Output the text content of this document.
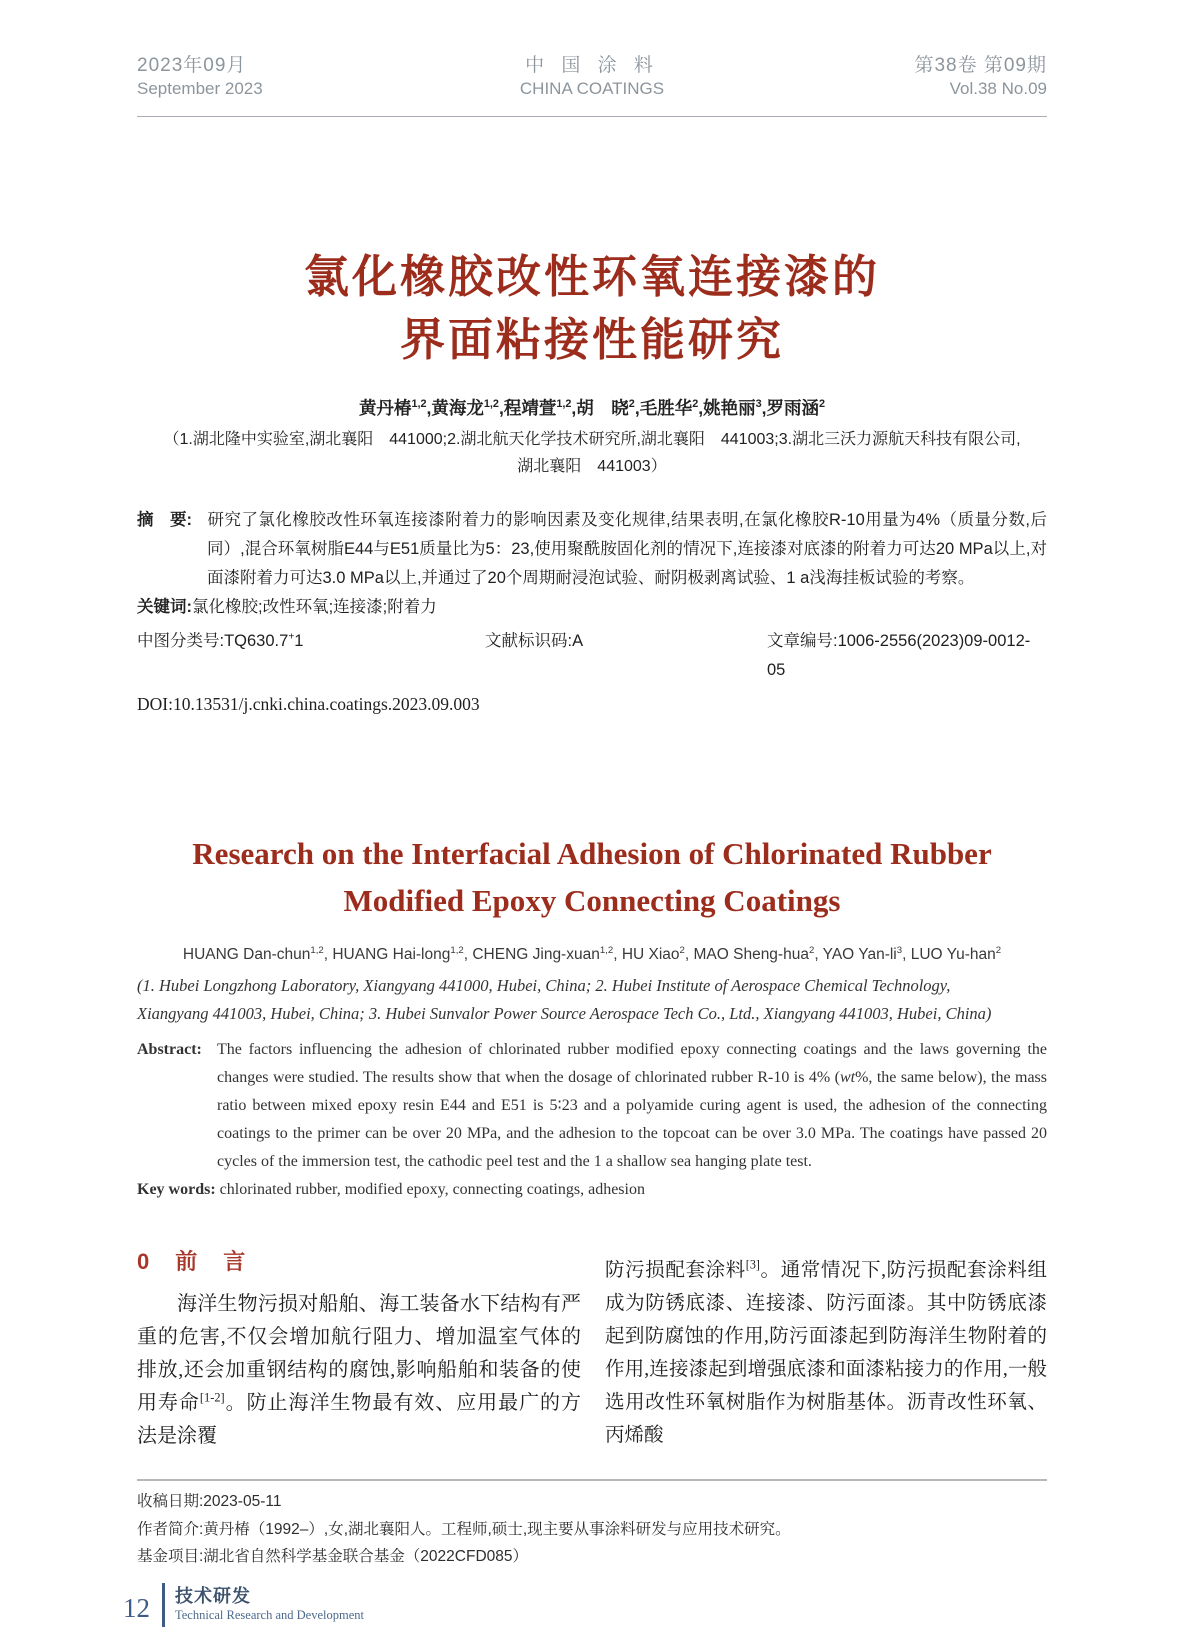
2023年09月
September 2023
中 国 涂 料
CHINA COATINGS
第38卷 第09期
Vol.38 No.09
氯化橡胶改性环氧连接漆的
界面粘接性能研究
黄丹椿$^{1,2}$,黄海龙$^{1,2}$,程靖萱$^{1,2}$,胡　晓$^2$,毛胜华$^2$,姚艳丽$^3$,罗雨涵$^2$
（1.湖北隆中实验室,湖北襄阳　441000;2.湖北航天化学技术研究所,湖北襄阳　441003;3.湖北三沃力源航天科技有限公司,
湖北襄阳　441003）
摘　要: 研究了氯化橡胶改性环氧连接漆附着力的影响因素及变化规律,结果表明,在氯化橡胶R-10用量为4%（质量分数,后同）,混合环氧树脂E44与E51质量比为5：23,使用聚酰胺固化剂的情况下,连接漆对底漆的附着力可达20 MPa以上,对面漆附着力可达3.0 MPa以上,并通过了20个周期耐浸泡试验、耐阴极剥离试验、1 a浅海挂板试验的考察。
关键词:氯化橡胶;改性环氧;连接漆;附着力
中图分类号:TQ630.7+1	文献标识码:A	文章编号:1006-2556(2023)09-0012-05
DOI:10.13531/j.cnki.china.coatings.2023.09.003
Research on the Interfacial Adhesion of Chlorinated Rubber
Modified Epoxy Connecting Coatings
HUANG Dan-chun$^{1,2}$, HUANG Hai-long$^{1,2}$, CHENG Jing-xuan$^{1,2}$, HU Xiao$^2$, MAO Sheng-hua$^2$, YAO Yan-$li^3$, LUO Yu-han$^2$
(1. Hubei Longzhong Laboratory, Xiangyang 441000, Hubei, China; 2. Hubei Institute of Aerospace Chemical Technology,
Xiangyang 441003, Hubei, China; 3. Hubei Sunvalor Power Source Aerospace Tech Co., Ltd., Xiangyang 441003, Hubei, China)
Abstract: The factors influencing the adhesion of chlorinated rubber modified epoxy connecting coatings and the laws governing the changes were studied. The results show that when the dosage of chlorinated rubber R-10 is 4% (wt%, the same below), the mass ratio between mixed epoxy resin E44 and E51 is 5∶23 and a polyamide curing agent is used, the adhesion of the connecting coatings to the primer can be over 20 MPa, and the adhesion to the topcoat can be over 3.0 MPa. The coatings have passed 20 cycles of the immersion test, the cathodic peel test and the 1 a shallow sea hanging plate test.
Key words: chlorinated rubber, modified epoxy, connecting coatings, adhesion
0　前　言
海洋生物污损对船舶、海工装备水下结构有严重的危害,不仅会增加航行阻力、增加温室气体的排放,还会加重钢结构的腐蚀,影响船舶和装备的使用寿命[1-2]。防止海洋生物最有效、应用最广的方法是涂覆
防污损配套涂料[3]。通常情况下,防污损配套涂料组成为防锈底漆、连接漆、防污面漆。其中防锈底漆起到防腐蚀的作用,防污面漆起到防海洋生物附着的作用,连接漆起到增强底漆和面漆粘接力的作用,一般选用改性环氧树脂作为树脂基体。沥青改性环氧、丙烯酸
收稿日期:2023-05-11
作者简介:黄丹椿（1992–）,女,湖北襄阳人。工程师,硕士,现主要从事涂料研发与应用技术研究。
基金项目:湖北省自然科学基金联合基金（2022CFD085）
12 技术研发
Technical Research and Development
